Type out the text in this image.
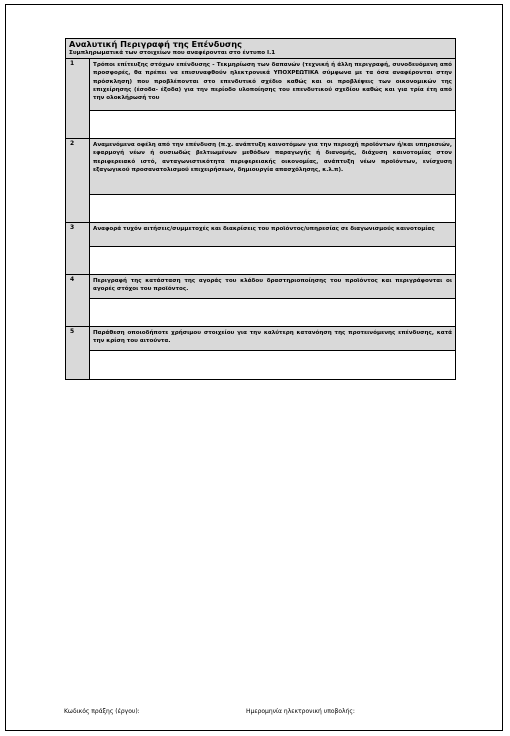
Αναλυτική Περιγραφή της Επένδυσης
Συμπληρωματικά των στοιχείων που αναφέρονται στο έντυπο Ι.1
1	Τρόποι επίτευξης στόχων επένδυσης - Τεκμηρίωση των δαπανών (τεχνική ή άλλη περιγραφή, συνοδευόμενη από προσφορές, θα πρέπει να επισυναφθούν ηλεκτρονικά ΥΠΟΧΡΕΩΤΙΚΑ σύμφωνα με τα όσα αναφέρονται στην πρόσκληση) που προβλέπονται στο επενδυτικό σχέδιο καθώς και οι προβλέψεις των οικονομικών της επιχείρησης (έσοδα- έξοδα) για την περίοδο υλοποίησης του επενδυτικού σχεδίου καθώς και για τρία έτη από την ολοκλήρωσή του
2	Αναμενόμενα οφέλη από την επένδυση (π.χ. ανάπτυξη καινοτόμων για την περιοχή προϊόντων ή/και υπηρεσιών, εφαρμογή νέων ή ουσιωδώς βελτιωμένων μεθόδων παραγωγής ή διανομής, διάχυση καινοτομίας στον περιφερειακό ιστό, ανταγωνιστικότητα περιφερειακής οικονομίας, ανάπτυξη νέων προϊόντων, ενίσχυση εξαγωγικού προσανατολισμού επιχειρήσεων, δημιουργία απασχόλησης, κ.λ.π).
3	Αναφορά τυχόν αιτήσεις/συμμετοχές και διακρίσεις του προϊόντος/υπηρεσίας σε διαγωνισμούς καινοτομίας
4	Περιγραφή της κατάσταση της αγοράς του κλάδου δραστηριοποίησης του προϊόντος και περιγράφονται οι αγορές στόχοι του προϊόντος.
5	Παράθεση οποιοδήποτε χρήσιμου στοιχείου για την καλύτερη κατανόηση της προτεινόμενης επένδυσης, κατά την κρίση του αιτούντα.
Κωδικός πράξης (έργου):	Ημερομηνία ηλεκτρονική υποβολής:
